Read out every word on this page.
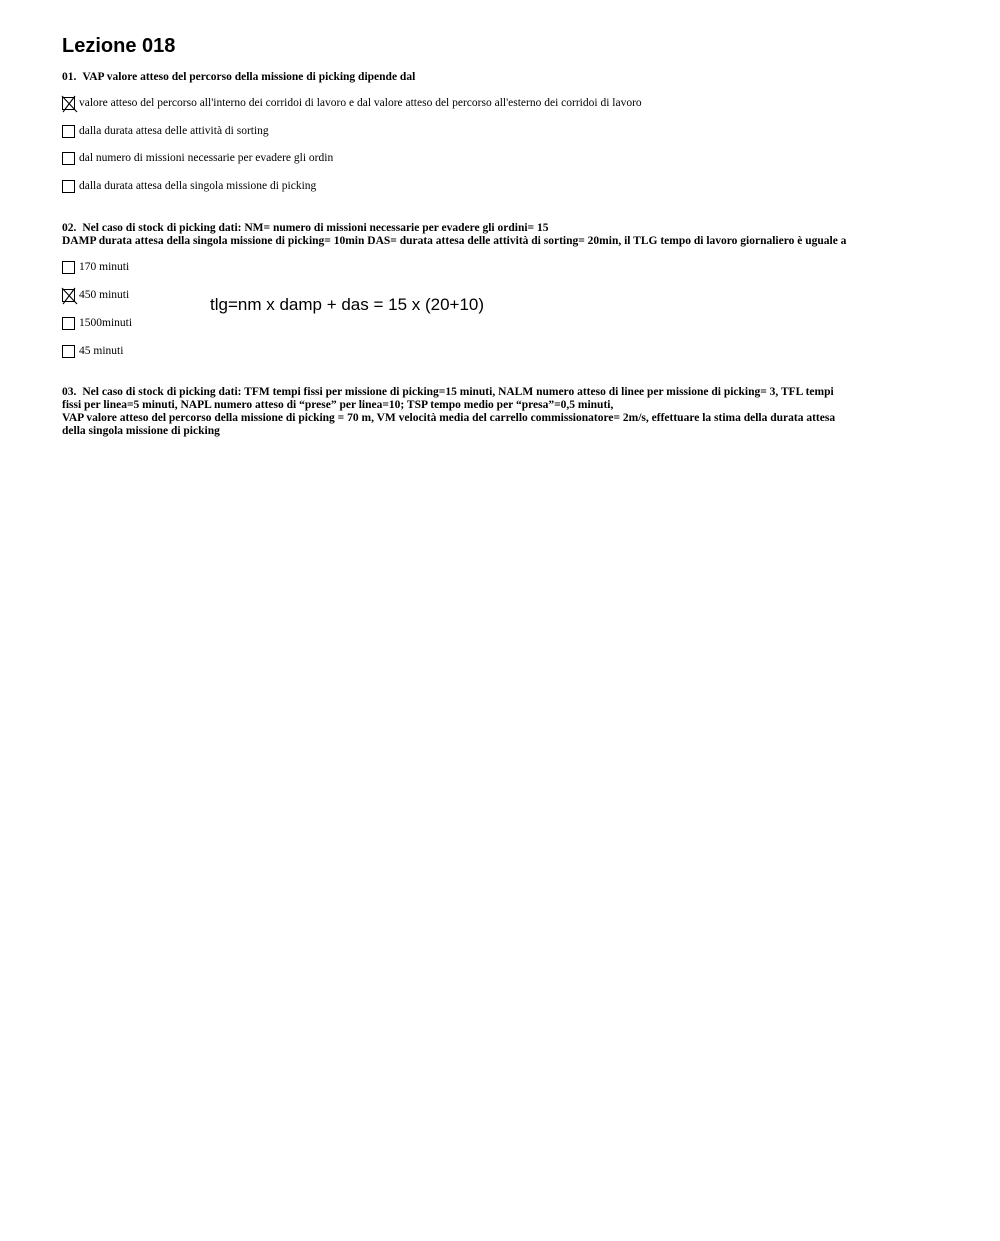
Lezione 018
01. VAP valore atteso del percorso della missione di picking dipende dal
valore atteso del percorso all'interno dei corridoi di lavoro e dal valore atteso del percorso all'esterno dei corridoi di lavoro
dalla durata attesa delle attività di sorting
dal numero di missioni necessarie per evadere gli ordin
dalla durata attesa della singola missione di picking
02. Nel caso di stock di picking dati: NM= numero di missioni necessarie per evadere gli ordini= 15
DAMP durata attesa della singola missione di picking= 10min DAS= durata attesa delle attività di sorting= 20min, il TLG tempo di lavoro giornaliero è uguale a
170 minuti
450 minuti
1500minuti
45 minuti
tlg=nm x damp + das = 15 x (20+10)
03. Nel caso di stock di picking dati: TFM tempi fissi per missione di picking=15 minuti, NALM numero atteso di linee per missione di picking= 3, TFL tempi
fissi per linea=5 minuti, NAPL numero atteso di “prese” per linea=10; TSP tempo medio per “presa”=0,5 minuti,
VAP valore atteso del percorso della missione di picking = 70 m, VM velocità media del carrello commissionatore= 2m/s, effettuare la stima della durata attesa
della singola missione di picking
